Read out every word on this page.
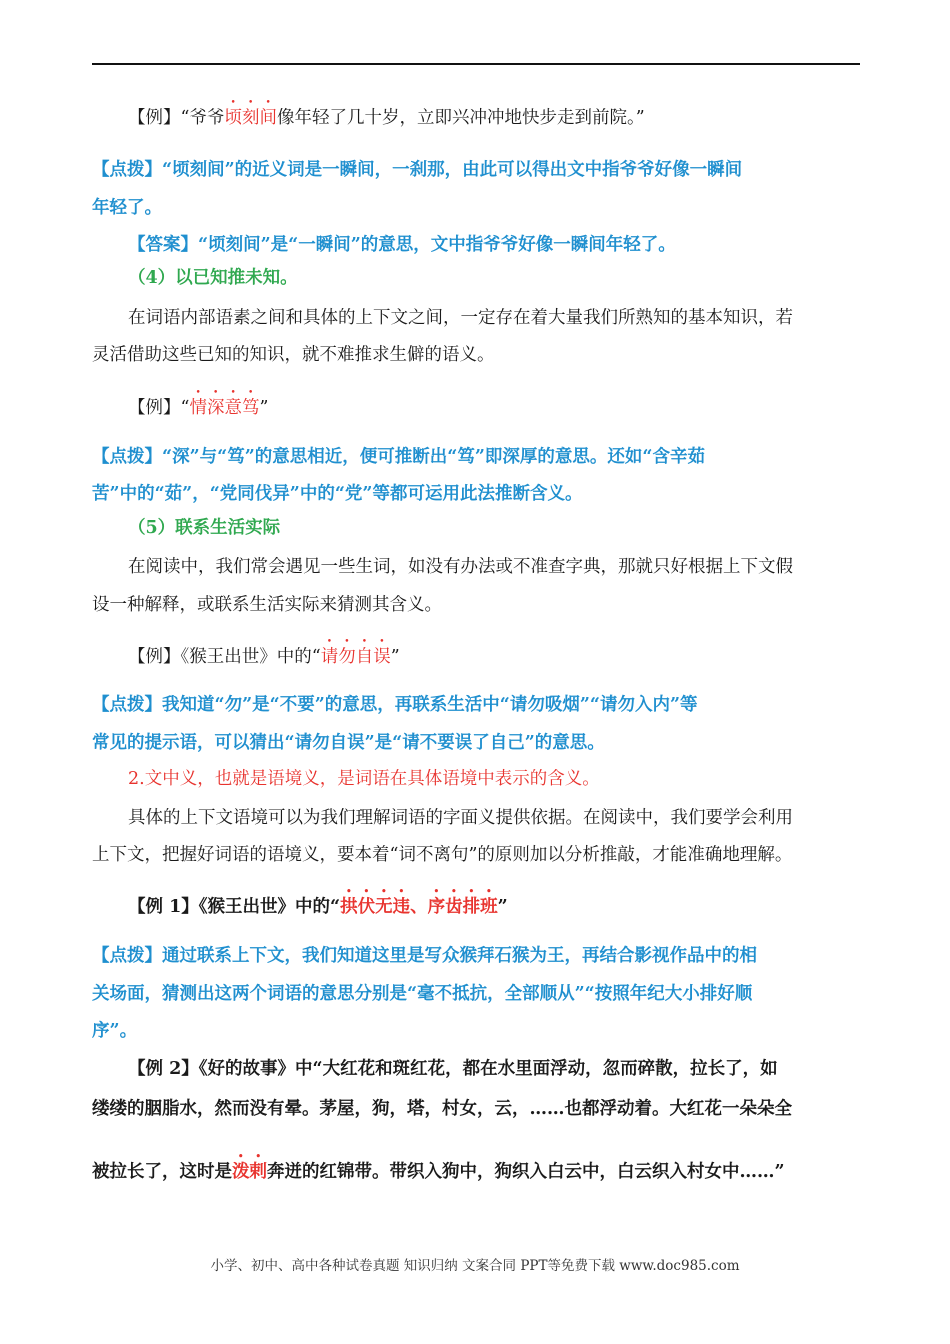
【例】“爷爷顷刻间像年轻了几十岁，立即兴冲冲地快步走到前院。”
【点拨】“顷刻间”的近义词是一瞬间，一刹那，由此可以得出文中指爷爷好像一瞬间
年轻了。
【答案】“顷刻间”是“一瞬间”的意思，文中指爷爷好像一瞬间年轻了。
（4）以已知推未知。
在词语内部语素之间和具体的上下文之间，一定存在着大量我们所熟知的基本知识，若
灵活借助这些已知的知识，就不难推求生僻的语义。
【例】“情深意笃”
【点拨】“深”与“笃”的意思相近，便可推断出“笃”即深厚的意思。还如“含辛茹
苦”中的“茹”，“党同伐异”中的“党”等都可运用此法推断含义。
（5）联系生活实际
在阅读中，我们常会遇见一些生词，如没有办法或不准查字典，那就只好根据上下文假
设一种解释，或联系生活实际来猜测其含义。
【例】《猴王出世》中的“请勿自误”
【点拨】我知道“勿”是“不要”的意思，再联系生活中“请勿吸烟”“请勿入内”等
常见的提示语，可以猜出“请勿自误”是“请不要误了自己”的意思。
2.文中义，也就是语境义，是词语在具体语境中表示的含义。
具体的上下文语境可以为我们理解词语的字面义提供依据。在阅读中，我们要学会利用
上下文，把握好词语的语境义，要本着“词不离句”的原则加以分析推敲，才能准确地理解。
【例 1】《猴王出世》中的“拱伏无违、序齿排班”
【点拨】通过联系上下文，我们知道这里是写众猴拜石猴为王，再结合影视作品中的相
关场面，猜测出这两个词语的意思分别是“毫不抵抗，全部顺从”“按照年纪大小排好顺
序”。
【例 2】《好的故事》中“大红花和斑红花，都在水里面浮动，忽而碎散，拉长了，如
缕缕的胭脂水，然而没有晕。茅屋，狗，塔，村女，云，……也都浮动着。大红花一朵朵全
被拉长了，这时是泼剌奔迸的红锦带。带织入狗中，狗织入白云中，白云织入村女中……”
小学、初中、高中各种试卷真题 知识归纳 文案合同 PPT等免费下载 www.doc985.com
